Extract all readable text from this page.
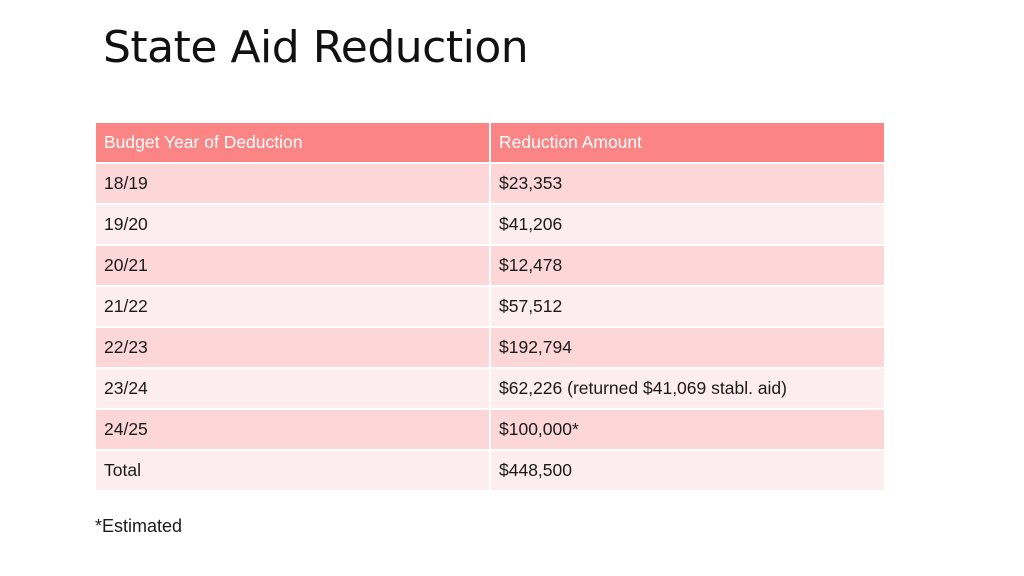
State Aid Reduction
Budget Year of Deduction	Reduction Amount
18/19	$23,353
19/20	$41,206
20/21	$12,478
21/22	$57,512
22/23	$192,794
23/24	$62,226 (returned $41,069 stabl. aid)
24/25	$100,000*
Total	$448,500
*Estimated
